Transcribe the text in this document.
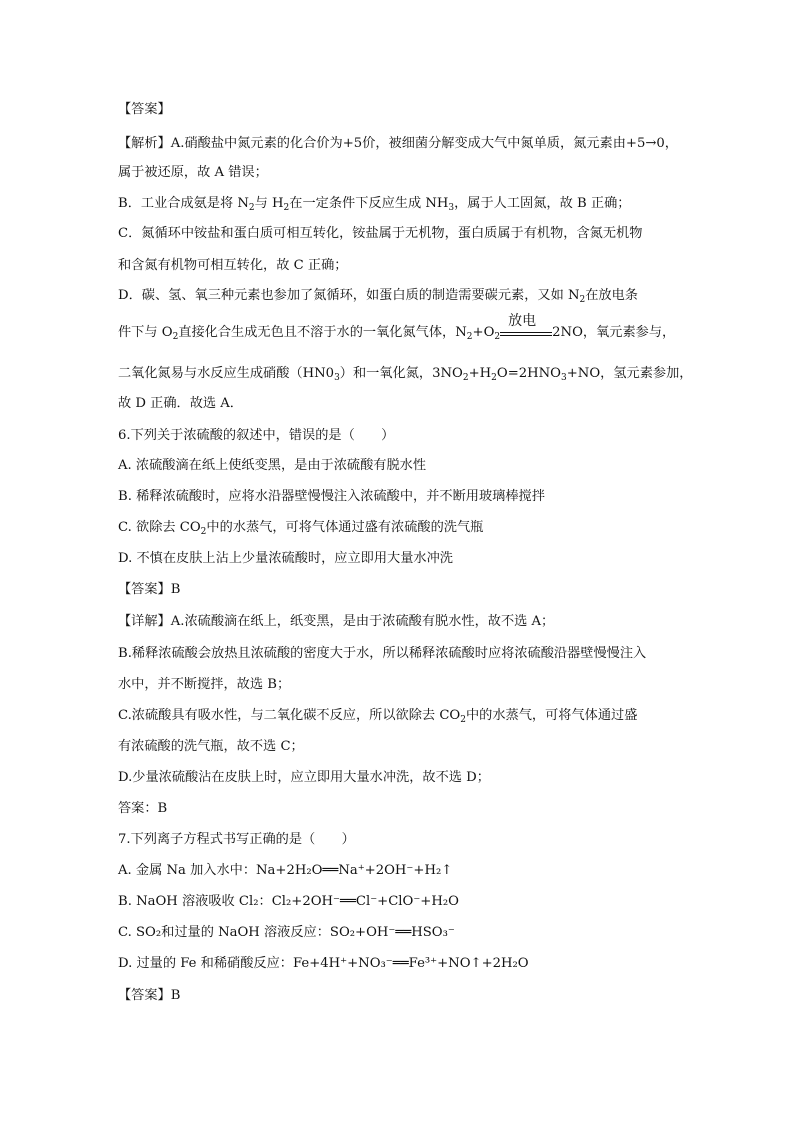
【答案】
【解析】A.硝酸盐中氮元素的化合价为+5价，被细菌分解变成大气中氮单质，氮元素由+5→0，
属于被还原，故 A 错误；
B．工业合成氨是将 $N_2$与 $H_2$在一定条件下反应生成 $NH_3$，属于人工固氮，故 B 正确；
C．氮循环中铵盐和蛋白质可相互转化，铵盐属于无机物，蛋白质属于有机物，含氮无机物
和含氮有机物可相互转化，故 C 正确；
D．碳、氢、氧三种元素也参加了氮循环，如蛋白质的制造需要碳元素，又如 $N_2$在放电条
件下与 $O_2$直接化合生成无色且不溶于水的一氧化氮气体，$N_2+O_2$
放电
2NO，氧元素参与，
二氧化氮易与水反应生成硝酸$(HN0_3)$和一氧化氮，$3NO_2+H_2O=2HNO_3+NO$，氢元素参加，
故 D 正确．故选 A．
6.下列关于浓硫酸的叙述中，错误的是（　　）
A. 浓硫酸滴在纸上使纸变黑，是由于浓硫酸有脱水性
B. 稀释浓硫酸时，应将水沿器壁慢慢注入浓硫酸中，并不断用玻璃棒搅拌
C. 欲除去 $CO_2$中的水蒸气，可将气体通过盛有浓硫酸的洗气瓶
D. 不慎在皮肤上沾上少量浓硫酸时，应立即用大量水冲洗
【答案】B
【详解】A.浓硫酸滴在纸上，纸变黑，是由于浓硫酸有脱水性，故不选 A；
B.稀释浓硫酸会放热且浓硫酸的密度大于水，所以稀释浓硫酸时应将浓硫酸沿器壁慢慢注入
水中，并不断搅拌，故选 B；
C.浓硫酸具有吸水性，与二氧化碳不反应，所以欲除去 $CO_2$中的水蒸气，可将气体通过盛
有浓硫酸的洗气瓶，故不选 C；
D.少量浓硫酸沾在皮肤上时，应立即用大量水冲洗，故不选 D；
答案：B
7.下列离子方程式书写正确的是（　　）
A. 金属 Na 加入水中：Na+2H₂O══Na⁺+2OH⁻+H₂↑
B. NaOH 溶液吸收 Cl₂：Cl₂+2OH⁻══Cl⁻+ClO⁻+H₂O
C. SO₂和过量的 NaOH 溶液反应：SO₂+OH⁻══HSO₃⁻
D. 过量的 Fe 和稀硝酸反应：Fe+4H⁺+NO₃⁻══Fe³⁺+NO↑+2H₂O
【答案】B
